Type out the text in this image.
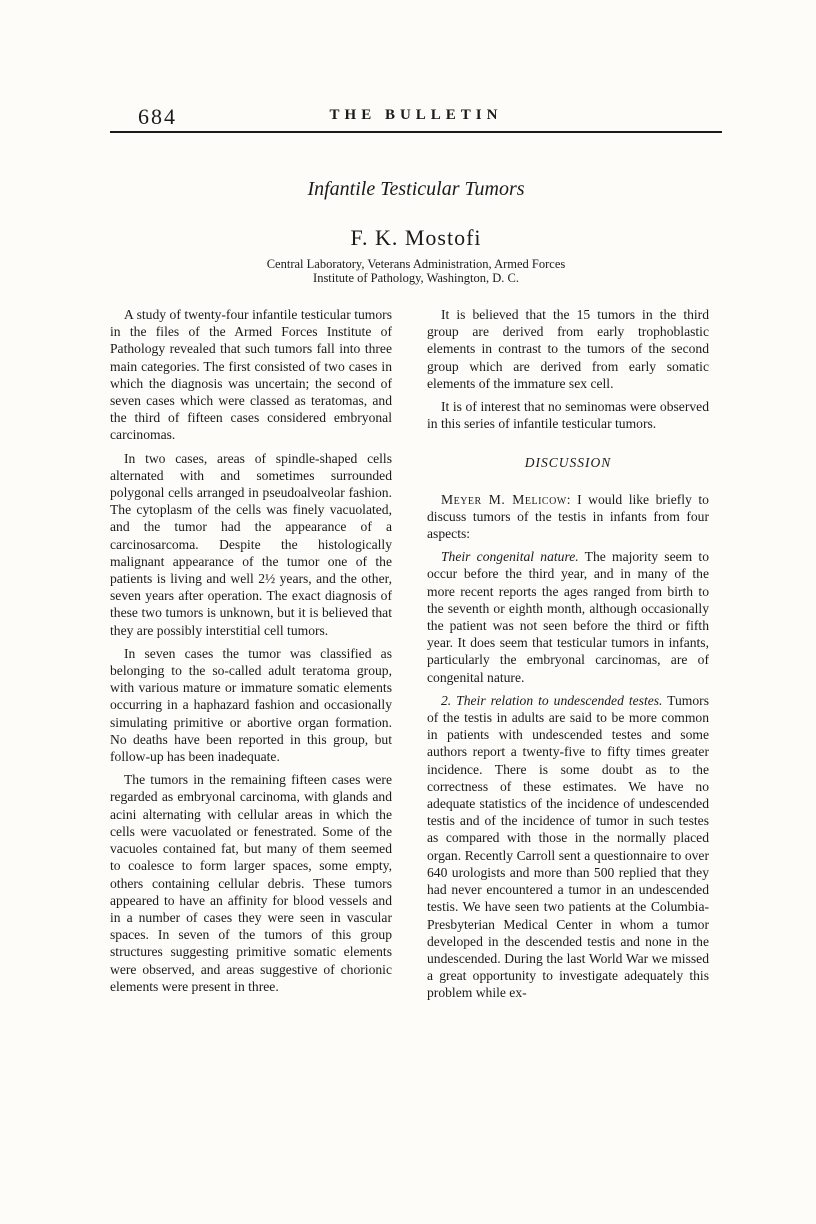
684	THE BULLETIN
Infantile Testicular Tumors
F. K. Mostofi
Central Laboratory, Veterans Administration, Armed Forces
Institute of Pathology, Washington, D. C.

A study of twenty-four infantile testicular tumors in the files of the Armed Forces Institute of Pathology revealed that such tumors fall into three main categories. The first consisted of two cases in which the diagnosis was uncertain; the second of seven cases which were classed as teratomas, and the third of fifteen cases considered embryonal carcinomas.

In two cases, areas of spindle-shaped cells alternated with and sometimes surrounded polygonal cells arranged in pseudoalveolar fashion. The cytoplasm of the cells was finely vacuolated, and the tumor had the appearance of a carcinosarcoma. Despite the histologically malignant appearance of the tumor one of the patients is living and well 2½ years, and the other, seven years after operation. The exact diagnosis of these two tumors is unknown, but it is believed that they are possibly interstitial cell tumors.

In seven cases the tumor was classified as belonging to the so-called adult teratoma group, with various mature or immature somatic elements occurring in a haphazard fashion and occasionally simulating primitive or abortive organ formation. No deaths have been reported in this group, but follow-up has been inadequate.

The tumors in the remaining fifteen cases were regarded as embryonal carcinoma, with glands and acini alternating with cellular areas in which the cells were vacuolated or fenestrated. Some of the vacuoles contained fat, but many of them seemed to coalesce to form larger spaces, some empty, others containing cellular debris. These tumors appeared to have an affinity for blood vessels and in a number of cases they were seen in vascular spaces. In seven of the tumors of this group structures suggesting primitive somatic elements were observed, and areas suggestive of chorionic elements were present in three.

It is believed that the 15 tumors in the third group are derived from early trophoblastic elements in contrast to the tumors of the second group which are derived from early somatic elements of the immature sex cell.

It is of interest that no seminomas were observed in this series of infantile testicular tumors.

DISCUSSION

Meyer M. Melicow: I would like briefly to discuss tumors of the testis in infants from four aspects:

Their congenital nature. The majority seem to occur before the third year, and in many of the more recent reports the ages ranged from birth to the seventh or eighth month, although occasionally the patient was not seen before the third or fifth year. It does seem that testicular tumors in infants, particularly the embryonal carcinomas, are of congenital nature.

2. Their relation to undescended testes. Tumors of the testis in adults are said to be more common in patients with undescended testes and some authors report a twenty-five to fifty times greater incidence. There is some doubt as to the correctness of these estimates. We have no adequate statistics of the incidence of undescended testis and of the incidence of tumor in such testes as compared with those in the normally placed organ. Recently Carroll sent a questionnaire to over 640 urologists and more than 500 replied that they had never encountered a tumor in an undescended testis. We have seen two patients at the Columbia-Presbyterian Medical Center in whom a tumor developed in the descended testis and none in the undescended. During the last World War we missed a great opportunity to investigate adequately this problem while ex-
